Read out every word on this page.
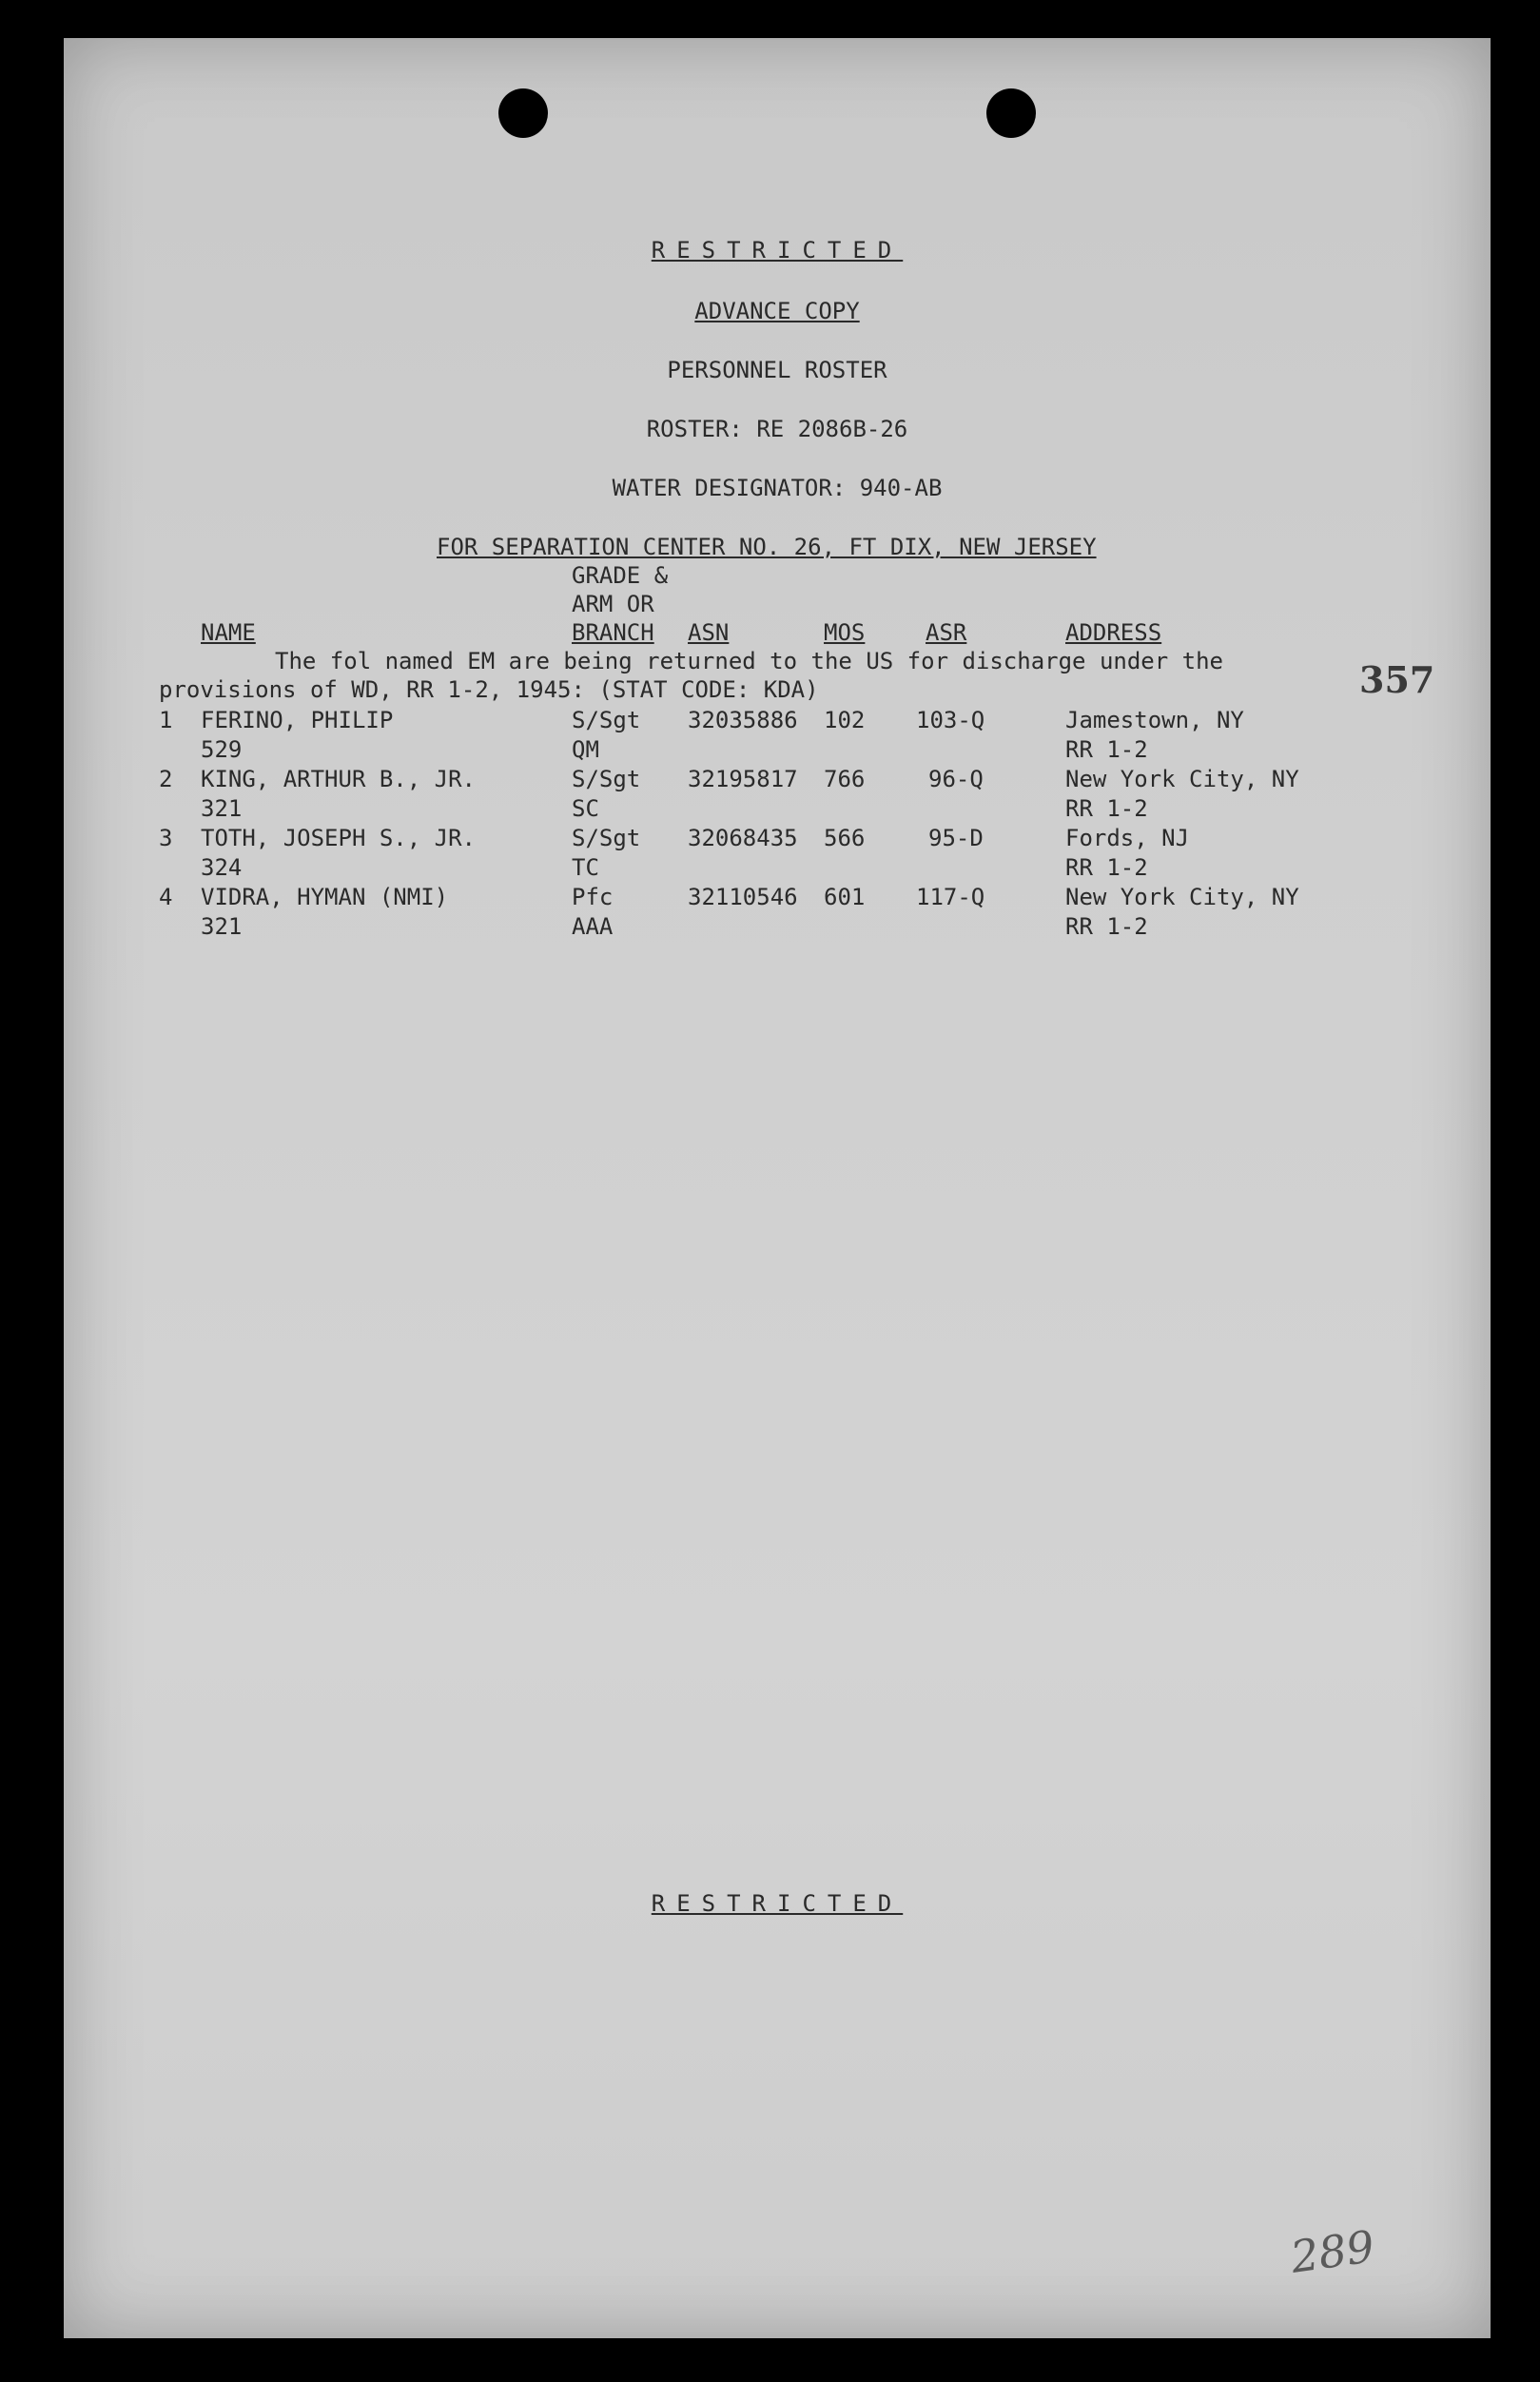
RESTRICTED
ADVANCE COPY
PERSONNEL ROSTER
ROSTER: RE 2086B-26
WATER DESIGNATOR: 940-AB
FOR SEPARATION CENTER NO. 26, FT DIX, NEW JERSEY
GRADE &
ARM OR
NAME	BRANCH ASN	MOS	ASR	ADDRESS
The fol named EM are being returned to the US for discharge under the
provisions of WD, RR 1-2, 1945: (STAT CODE: KDA)	357
1 FERINO, PHILIP	S/Sgt 32035886 102 103-Q	Jamestown, NY
529	QM	RR 1-2
2 KING, ARTHUR B., JR.	S/Sgt 32195817 766	96-Q	New York City, NY
321	SC	RR 1-2
3 TOTH, JOSEPH S., JR.	S/Sgt 32068435 566	95-D	Fords, NJ
324	TC	RR 1-2
4 VIDRA, HYMAN (NMI)	Pfc	32110546 601 117-Q	New York City, NY
321	AAA	RR 1-2
RESTRICTED
289
